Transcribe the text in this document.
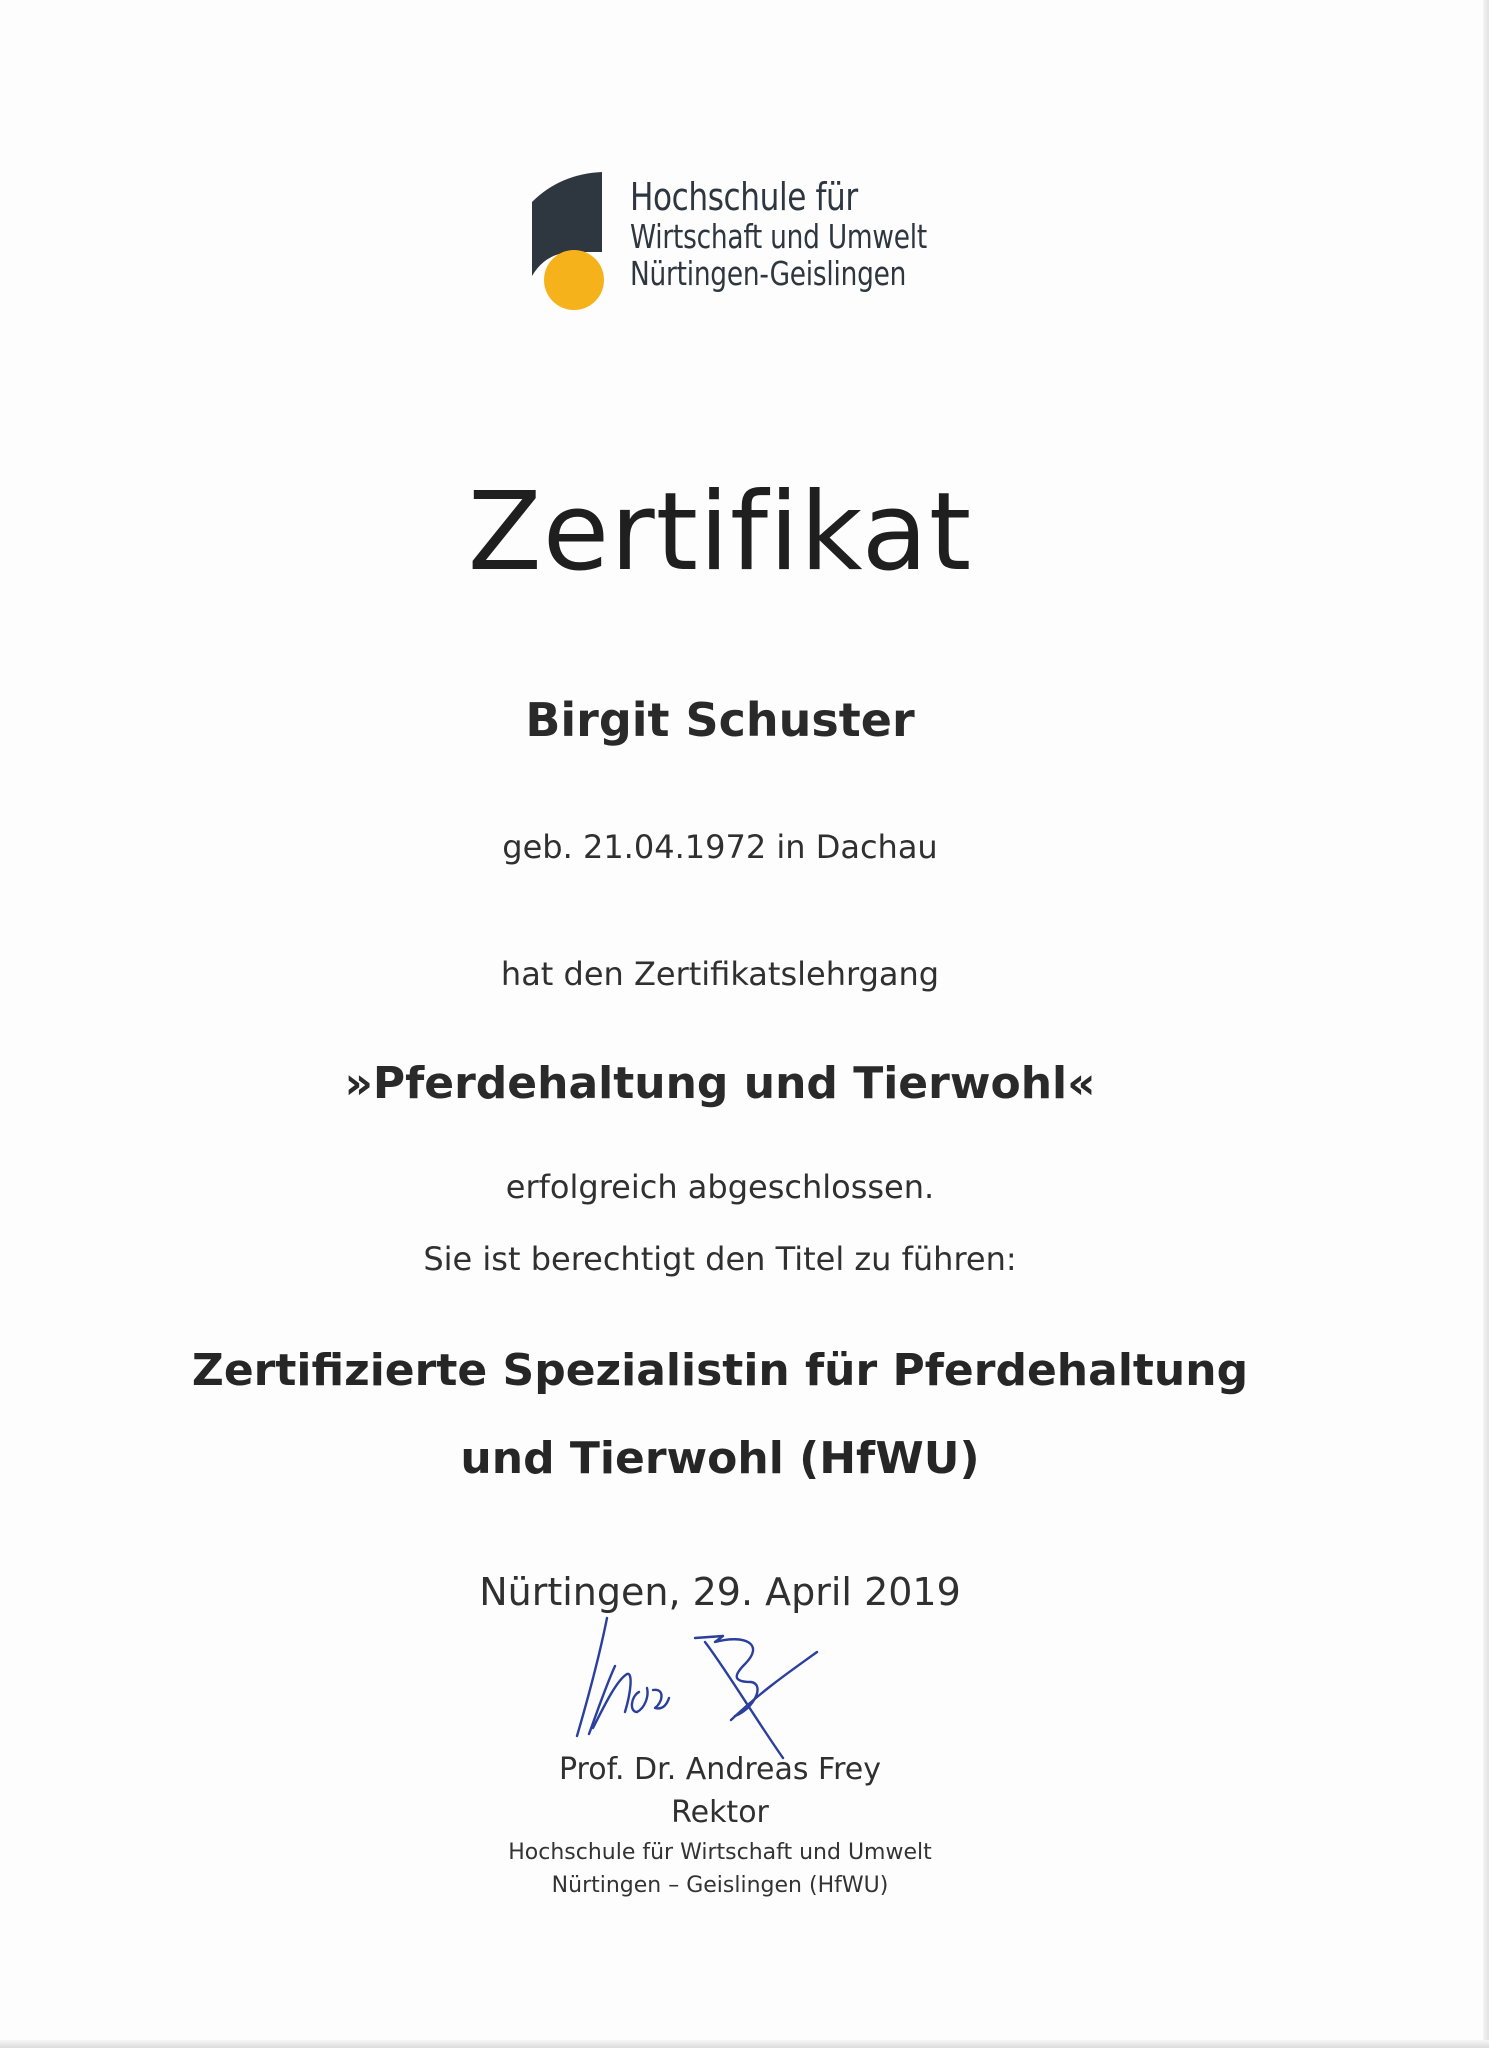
Hochschule für
Wirtschaft und Umwelt
Nürtingen-Geislingen
Zertifikat
Birgit Schuster
geb. 21.04.1972 in Dachau
hat den Zertifikatslehrgang
»Pferdehaltung und Tierwohl«
erfolgreich abgeschlossen.
Sie ist berechtigt den Titel zu führen:
Zertifizierte Spezialistin für Pferdehaltung
und Tierwohl (HfWU)
Nürtingen, 29. April 2019
Prof. Dr. Andreas Frey
Rektor
Hochschule für Wirtschaft und Umwelt
Nürtingen – Geislingen (HfWU)
